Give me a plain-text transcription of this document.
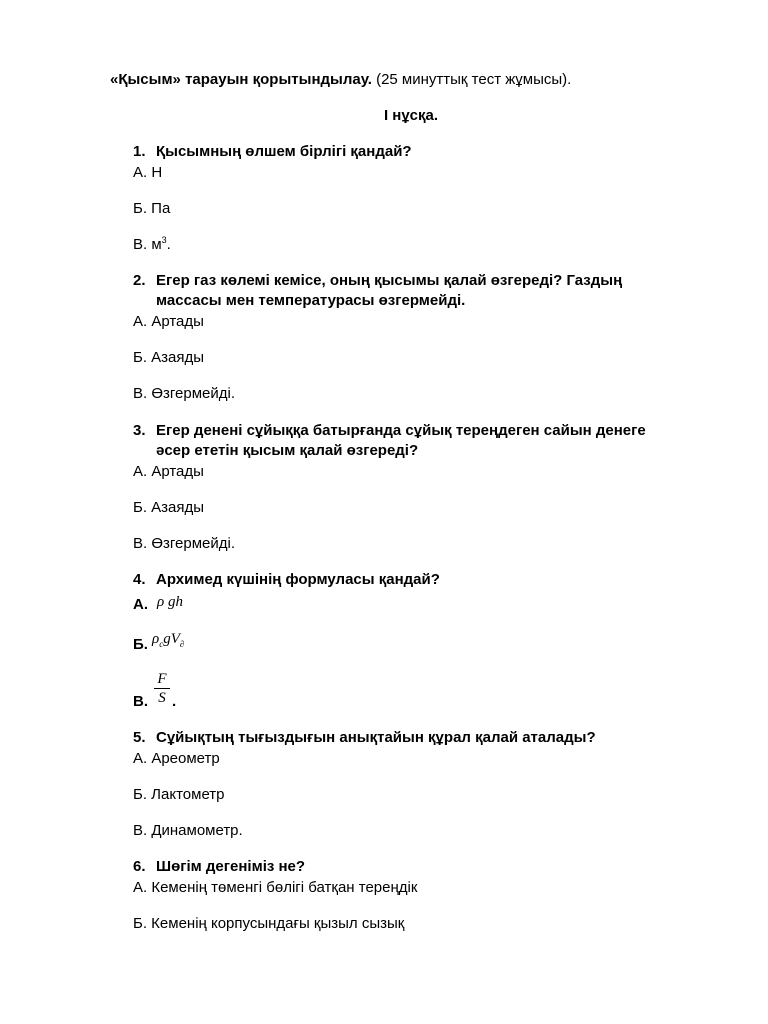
«Қысым» тарауын қорытындылау. (25 минуттық тест жұмысы).
І нұсқа.
1. Қысымның өлшем бірлігі қандай?
А. Н
Б. Па
В. $м^3$.
2. Егер газ көлемі кемісе, оның қысымы қалай өзгереді? Газдың массасы мен температурасы өзгермейді.
А. Артады
Б. Азаяды
В. Өзгермейді.
3. Егер денені сұйыққа батырғанда сұйық тереңдеген сайын денеге әсер ететін қысым қалай өзгереді?
А. Артады
Б. Азаяды
В. Өзгермейді.
4. Архимед күшінің формуласы қандай?
А. ρ gh
Б. $\rho_cgV_\partial$
В.
F
S .
5. Сұйықтың тығыздығын анықтайын құрал қалай аталады?
А. Ареометр
Б. Лактометр
В. Динамометр.
6. Шөгім дегеніміз не?
А. Кеменің төменгі бөлігі батқан тереңдік
Б. Кеменің корпусындағы қызыл сызық
